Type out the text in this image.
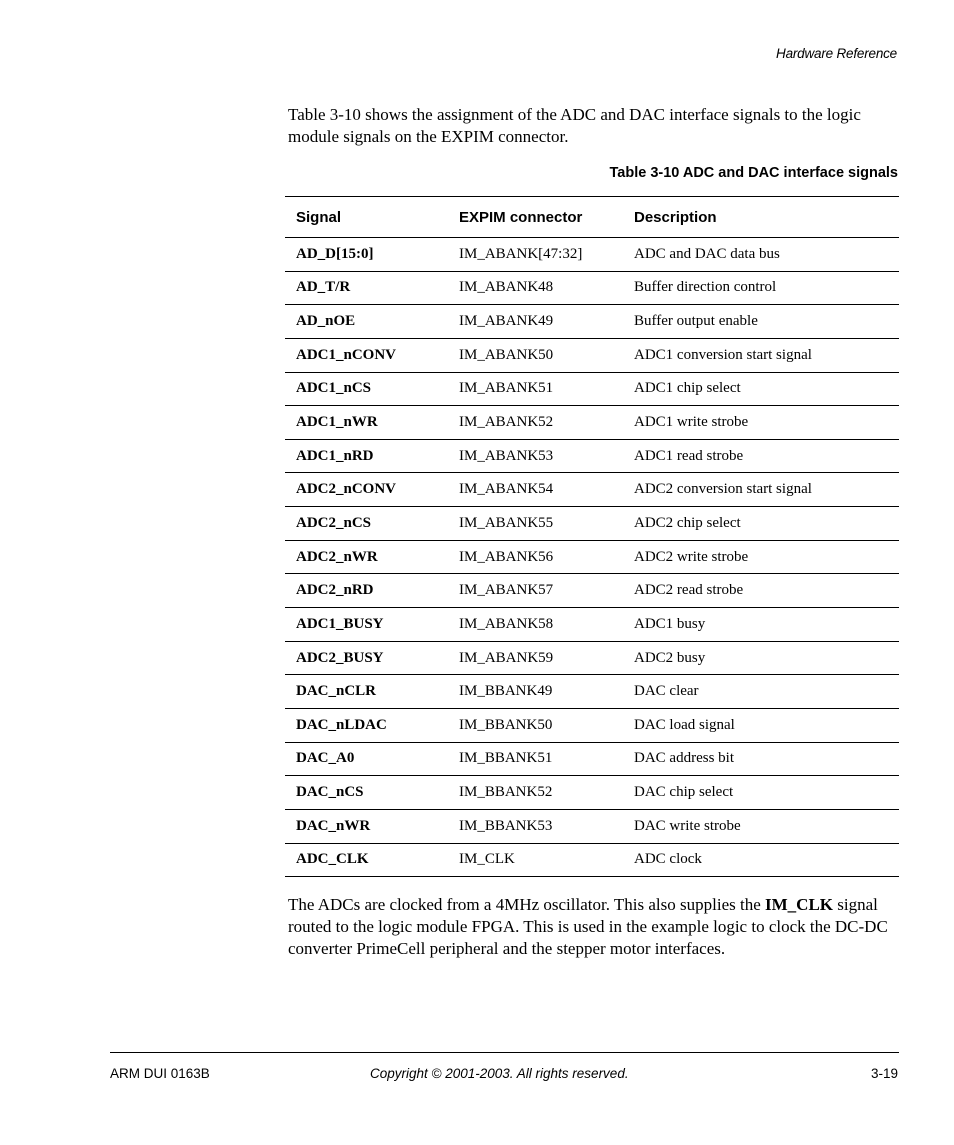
Hardware Reference

Table 3-10 shows the assignment of the ADC and DAC interface signals to the logic module signals on the EXPIM connector.

Table 3-10 ADC and DAC interface signals
Signal	EXPIM connector	Description
AD_D[15:0]	IM_ABANK[47:32]	ADC and DAC data bus
AD_T/R	IM_ABANK48	Buffer direction control
AD_nOE	IM_ABANK49	Buffer output enable
ADC1_nCONV	IM_ABANK50	ADC1 conversion start signal
ADC1_nCS	IM_ABANK51	ADC1 chip select
ADC1_nWR	IM_ABANK52	ADC1 write strobe
ADC1_nRD	IM_ABANK53	ADC1 read strobe
ADC2_nCONV	IM_ABANK54	ADC2 conversion start signal
ADC2_nCS	IM_ABANK55	ADC2 chip select
ADC2_nWR	IM_ABANK56	ADC2 write strobe
ADC2_nRD	IM_ABANK57	ADC2 read strobe
ADC1_BUSY	IM_ABANK58	ADC1 busy
ADC2_BUSY	IM_ABANK59	ADC2 busy
DAC_nCLR	IM_BBANK49	DAC clear
DAC_nLDAC	IM_BBANK50	DAC load signal
DAC_A0	IM_BBANK51	DAC address bit
DAC_nCS	IM_BBANK52	DAC chip select
DAC_nWR	IM_BBANK53	DAC write strobe
ADC_CLK	IM_CLK	ADC clock

The ADCs are clocked from a 4MHz oscillator. This also supplies the IM_CLK signal routed to the logic module FPGA. This is used in the example logic to clock the DC-DC converter PrimeCell peripheral and the stepper motor interfaces.

ARM DUI 0163B	Copyright © 2001-2003. All rights reserved.	3-19
